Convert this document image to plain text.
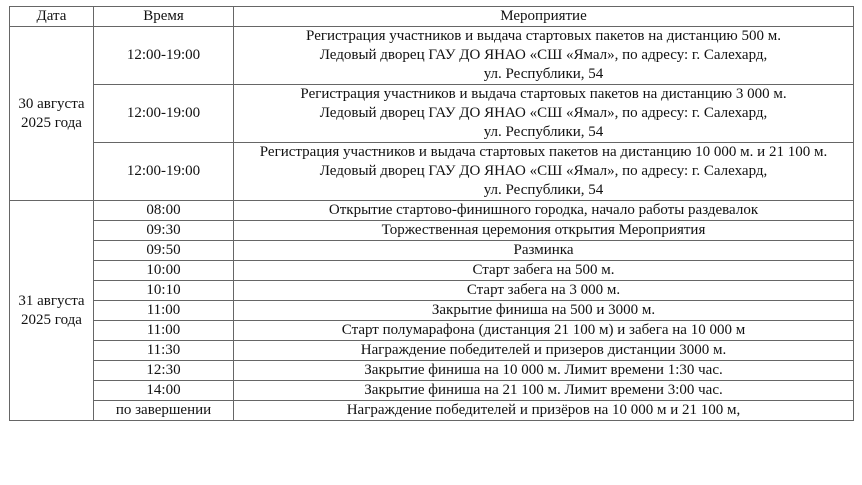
Дата	Время	Мероприятие

30 августа
2025 года	12:00-19:00	Регистрация участников и выдача стартовых пакетов на дистанцию 500 м.
Ледовый дворец ГАУ ДО ЯНАО «СШ «Ямал», по адресу: г. Салехард,
ул. Республики, 54

	12:00-19:00	Регистрация участников и выдача стартовых пакетов на дистанцию 3 000 м.
Ледовый дворец ГАУ ДО ЯНАО «СШ «Ямал», по адресу: г. Салехард,
ул. Республики, 54

	12:00-19:00	Регистрация участников и выдача стартовых пакетов на дистанцию 10 000 м. и 21 100 м.
Ледовый дворец ГАУ ДО ЯНАО «СШ «Ямал», по адресу: г. Салехард,
ул. Республики, 54

31 августа
2025 года	08:00	Открытие стартово-финишного городка, начало работы раздевалок
	09:30	Торжественная церемония открытия Мероприятия
	09:50	Разминка
	10:00	Старт забега на 500 м.
	10:10	Старт забега на 3 000 м.
	11:00	Закрытие финиша на 500 и 3000 м.
	11:00	Старт полумарафона (дистанция 21 100 м) и забега на 10 000 м
	11:30	Награждение победителей и призеров дистанции 3000 м.
	12:30	Закрытие финиша на 10 000 м. Лимит времени 1:30 час.
	14:00	Закрытие финиша на 21 100 м. Лимит времени 3:00 час.
	по завершении	Награждение победителей и призёров на 10 000 м и 21 100 м,
